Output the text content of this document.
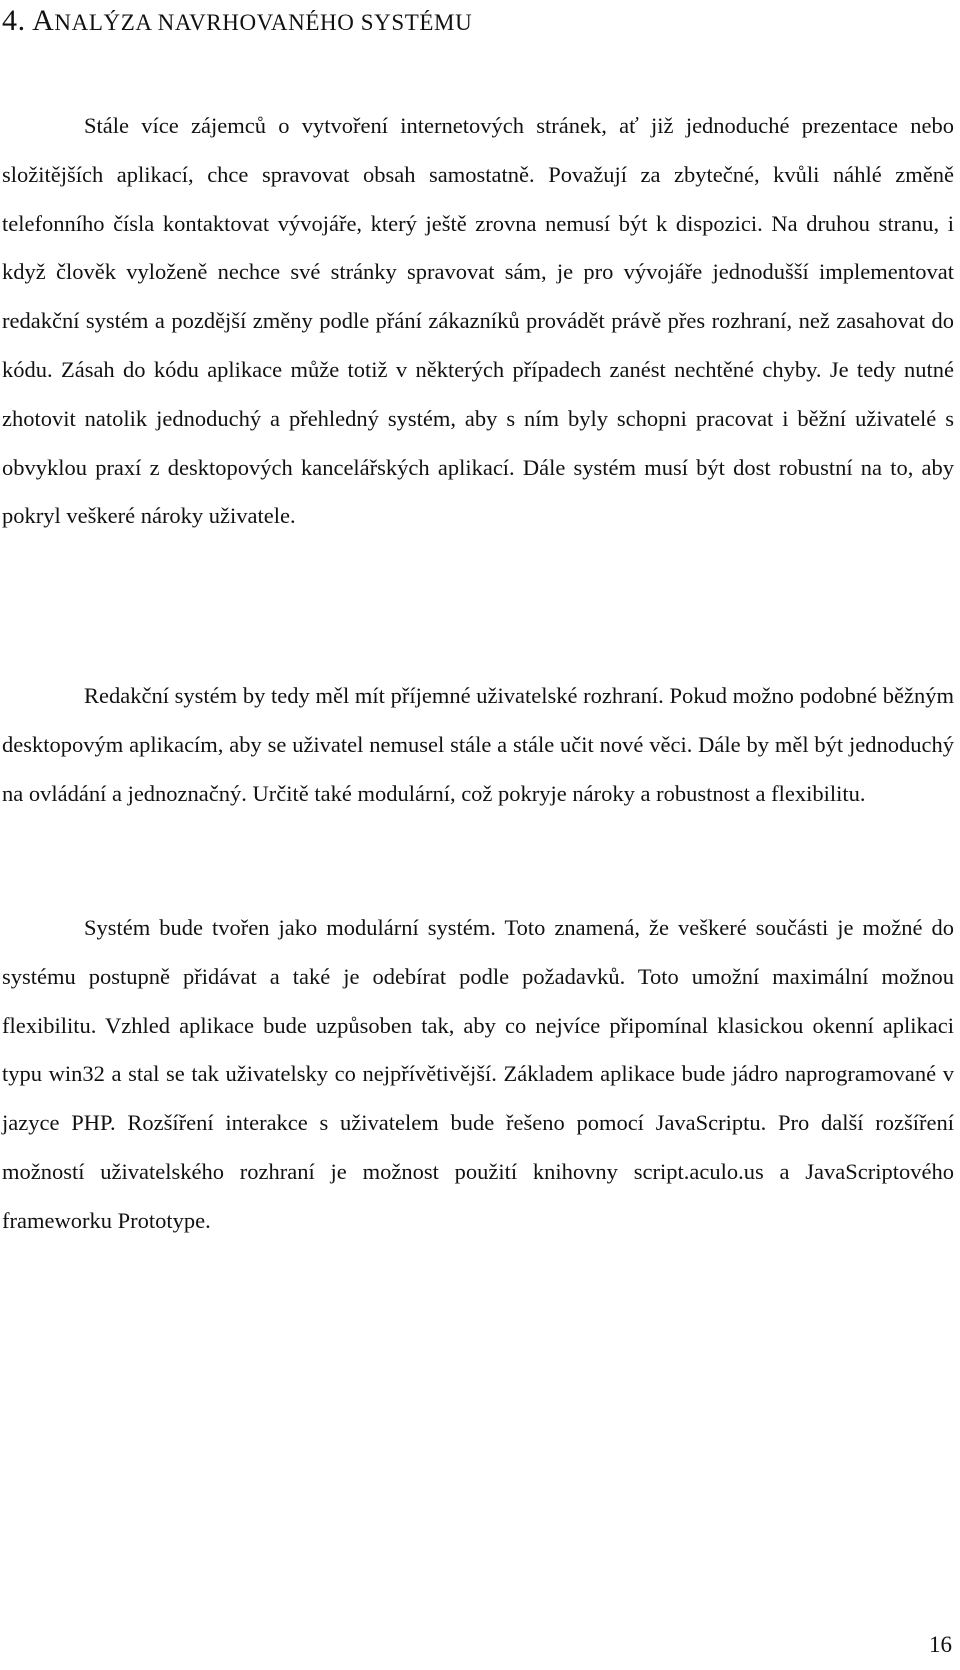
4. ANALÝZA NAVRHOVANÉHO SYSTÉMU

Stále více zájemců o vytvoření internetových stránek, ať již jednoduché prezentace nebo složitějších aplikací, chce spravovat obsah samostatně. Považují za zbytečné, kvůli náhlé změně telefonního čísla kontaktovat vývojáře, který ještě zrovna nemusí být k dispozici. Na druhou stranu, i když člověk vyloženě nechce své stránky spravovat sám, je pro vývojáře jednodušší implementovat redakční systém a pozdější změny podle přání zákazníků provádět právě přes rozhraní, než zasahovat do kódu. Zásah do kódu aplikace může totiž v některých případech zanést nechtěné chyby. Je tedy nutné zhotovit natolik jednoduchý a přehledný systém, aby s ním byly schopni pracovat i běžní uživatelé s obvyklou praxí z desktopových kancelářských aplikací. Dále systém musí být dost robustní na to, aby pokryl veškeré nároky uživatele.

Redakční systém by tedy měl mít příjemné uživatelské rozhraní. Pokud možno podobné běžným desktopovým aplikacím, aby se uživatel nemusel stále a stále učit nové věci. Dále by měl být jednoduchý na ovládání a jednoznačný. Určitě také modulární, což pokryje nároky a robustnost a flexibilitu.

Systém bude tvořen jako modulární systém. Toto znamená, že veškeré součásti je možné do systému postupně přidávat a také je odebírat podle požadavků. Toto umožní maximální možnou flexibilitu. Vzhled aplikace bude uzpůsoben tak, aby co nejvíce připomínal klasickou okenní aplikaci typu win32 a stal se tak uživatelsky co nejpřívětivější. Základem aplikace bude jádro naprogramované v jazyce PHP. Rozšíření interakce s uživatelem bude řešeno pomocí JavaScriptu. Pro další rozšíření možností uživatelského rozhraní je možnost použití knihovny script.aculo.us a JavaScriptového frameworku Prototype.

16
